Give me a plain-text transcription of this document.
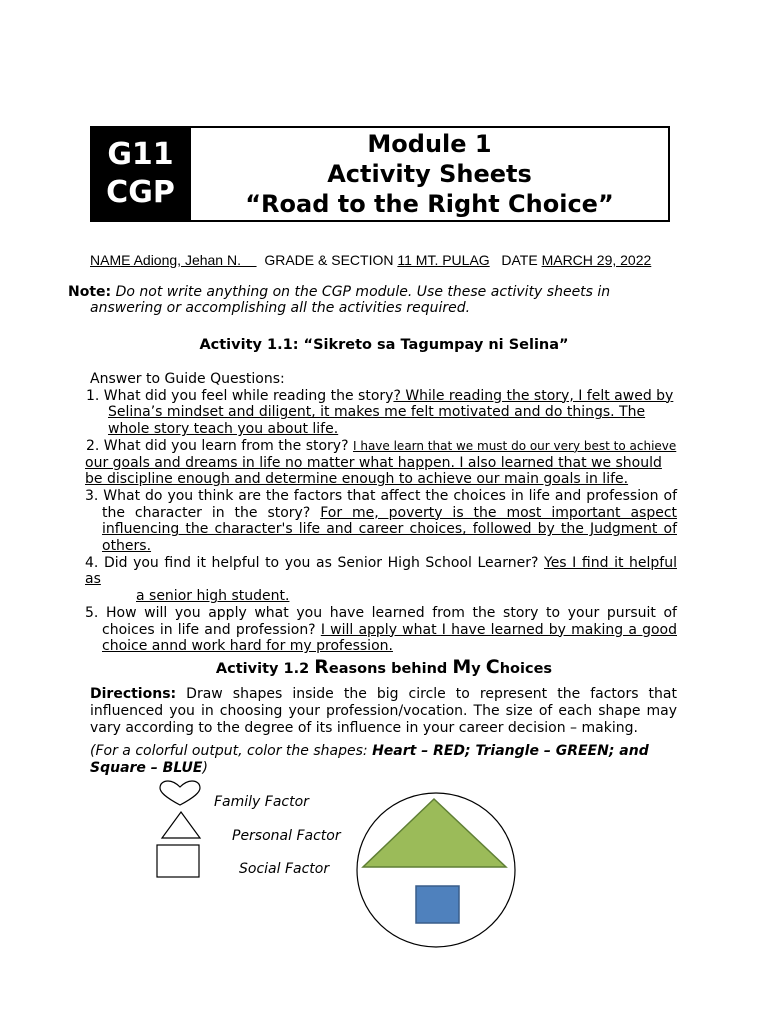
G11
CGP
Module 1
Activity Sheets
“Road to the Right Choice”
NAME Adiong, Jehan N.      GRADE & SECTION 11 MT. PULAG DATE MARCH 29, 2022
Note: Do not write anything on the CGP module. Use these activity sheets in
answering or accomplishing all the activities required.
Activity 1.1: “Sikreto sa Tagumpay ni Selina”
Answer to Guide Questions:
1. What did you feel while reading the story? While reading the story, I felt awed by
Selina’s mindset and diligent, it makes me felt motivated and do things. The
whole story teach you about life.
2. What did you learn from the story? I have learn that we must do our very best to achieve
our goals and dreams in life no matter what happen. I also learned that we should
be discipline enough and determine enough to achieve our main goals in life.
3. What do you think are the factors that affect the choices in life and profession of
the character in the story? For me, poverty is the most important aspect
influencing the character's life and career choices, followed by the Judgment of
others.
4. Did you find it helpful to you as Senior High School Learner? Yes I find it helpful as
a senior high student.
5. How will you apply what you have learned from the story to your pursuit of
choices in life and profession? I will apply what I have learned by making a good
choice annd work hard for my profession.
Activity 1.2 Reasons behind My Choices
Directions: Draw shapes inside the big circle to represent the factors that influenced you in choosing your profession/vocation. The size of each shape may vary according to the degree of its influence in your career decision – making.
(For a colorful output, color the shapes: Heart – RED; Triangle – GREEN; and Square – BLUE)
Family Factor
Personal Factor
Social Factor
